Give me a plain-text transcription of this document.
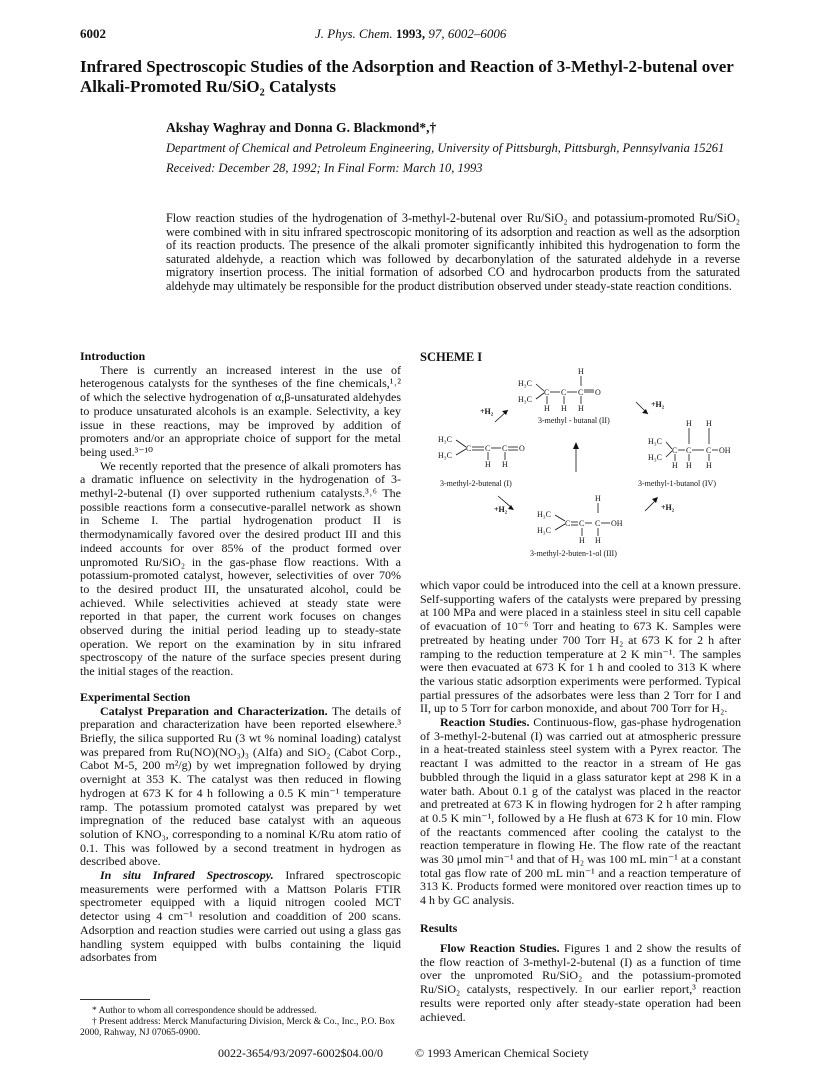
6002	J. Phys. Chem. 1993, 97, 6002–6006
Infrared Spectroscopic Studies of the Adsorption and Reaction of 3-Methyl-2-butenal over Alkali-Promoted Ru/SiO₂ Catalysts
Akshay Waghray and Donna G. Blackmond*,†
Department of Chemical and Petroleum Engineering, University of Pittsburgh, Pittsburgh, Pennsylvania 15261
Received: December 28, 1992; In Final Form: March 10, 1993
Flow reaction studies of the hydrogenation of 3-methyl-2-butenal over Ru/SiO₂ and potassium-promoted Ru/SiO₂ were combined with in situ infrared spectroscopic monitoring of its adsorption and reaction as well as the adsorption of its reaction products. The presence of the alkali promoter significantly inhibited this hydrogenation to form the saturated aldehyde, a reaction which was followed by decarbonylation of the saturated aldehyde in a reverse migratory insertion process. The initial formation of adsorbed CO and hydrocarbon products from the saturated aldehyde may ultimately be responsible for the product distribution observed under steady-state reaction conditions.

Introduction

There is currently an increased interest in the use of heterogenous catalysts for the syntheses of the fine chemicals,¹˒² of which the selective hydrogenation of α,β-unsaturated aldehydes to produce unsaturated alcohols is an example. Selectivity, a key issue in these reactions, may be improved by addition of promoters and/or an appropriate choice of support for the metal being used.³⁻¹⁰

We recently reported that the presence of alkali promoters has a dramatic influence on selectivity in the hydrogenation of 3-methyl-2-butenal (I) over supported ruthenium catalysts.³˒⁶ The possible reactions form a consecutive-parallel network as shown in Scheme I. The partial hydrogenation product II is thermodynamically favored over the desired product III and this indeed accounts for over 85% of the product formed over unpromoted Ru/SiO₂ in the gas-phase flow reactions. With a potassium-promoted catalyst, however, selectivities of over 70% to the desired product III, the unsaturated alcohol, could be achieved. While selectivities achieved at steady state were reported in that paper, the current work focuses on changes observed during the initial period leading up to steady-state operation. We report on the examination by in situ infrared spectroscopy of the nature of the surface species present during the initial stages of the reaction.

Experimental Section

Catalyst Preparation and Characterization. The details of preparation and characterization have been reported elsewhere.³ Briefly, the silica supported Ru (3 wt % nominal loading) catalyst was prepared from Ru(NO)(NO₃)₃ (Alfa) and SiO₂ (Cabot Corp., Cabot M-5, 200 m²/g) by wet impregnation followed by drying overnight at 353 K. The catalyst was then reduced in flowing hydrogen at 673 K for 4 h following a 0.5 K min⁻¹ temperature ramp. The potassium promoted catalyst was prepared by wet impregnation of the reduced base catalyst with an aqueous solution of KNO₃, corresponding to a nominal K/Ru atom ratio of 0.1. This was followed by a second treatment in hydrogen as described above.

In situ Infrared Spectroscopy. Infrared spectroscopic measurements were performed with a Mattson Polaris FTIR spectrometer equipped with a liquid nitrogen cooled MCT detector using 4 cm⁻¹ resolution and coaddition of 200 scans. Adsorption and reaction studies were carried out using a glass gas handling system equipped with bulbs containing the liquid adsorbates from

SCHEME I
H₃C
H₃C
C C C O
H
H H H
3-methyl - butanal (II)
+H₂
+H₂
H₃C
H₃C
C C C O
H H
3-methyl-2-butenal (I)
H H
H₃C
H₃C
C C C OH
H H H
3-methyl-1-butanol (IV)
+H₂	+H₂
H
H₃C
H₃C
C C C OH
H H
3-methyl-2-buten-1-ol (III)

which vapor could be introduced into the cell at a known pressure. Self-supporting wafers of the catalysts were prepared by pressing at 100 MPa and were placed in a stainless steel in situ cell capable of evacuation of 10⁻⁶ Torr and heating to 673 K. Samples were pretreated by heating under 700 Torr H₂ at 673 K for 2 h after ramping to the reduction temperature at 2 K min⁻¹. The samples were then evacuated at 673 K for 1 h and cooled to 313 K where the various static adsorption experiments were performed. Typical partial pressures of the adsorbates were less than 2 Torr for I and II, up to 5 Torr for carbon monoxide, and about 700 Torr for H₂.

Reaction Studies. Continuous-flow, gas-phase hydrogenation of 3-methyl-2-butenal (I) was carried out at atmospheric pressure in a heat-treated stainless steel system with a Pyrex reactor. The reactant I was admitted to the reactor in a stream of He gas bubbled through the liquid in a glass saturator kept at 298 K in a water bath. About 0.1 g of the catalyst was placed in the reactor and pretreated at 673 K in flowing hydrogen for 2 h after ramping at 0.5 K min⁻¹, followed by a He flush at 673 K for 10 min. Flow of the reactants commenced after cooling the catalyst to the reaction temperature in flowing He. The flow rate of the reactant was 30 μmol min⁻¹ and that of H₂ was 100 mL min⁻¹ at a constant total gas flow rate of 200 mL min⁻¹ and a reaction temperature of 313 K. Products formed were monitored over reaction times up to 4 h by GC analysis.

Results

Flow Reaction Studies. Figures 1 and 2 show the results of the flow reaction of 3-methyl-2-butenal (I) as a function of time over the unpromoted Ru/SiO₂ and the potassium-promoted Ru/SiO₂ catalysts, respectively. In our earlier report,³ reaction results were reported only after steady-state operation had been achieved.

* Author to whom all correspondence should be addressed.

† Present address: Merck Manufacturing Division, Merck & Co., Inc., P.O. Box 2000, Rahway, NJ 07065-0900.

0022-3654/93/2097-6002$04.00/0	© 1993 American Chemical Society
